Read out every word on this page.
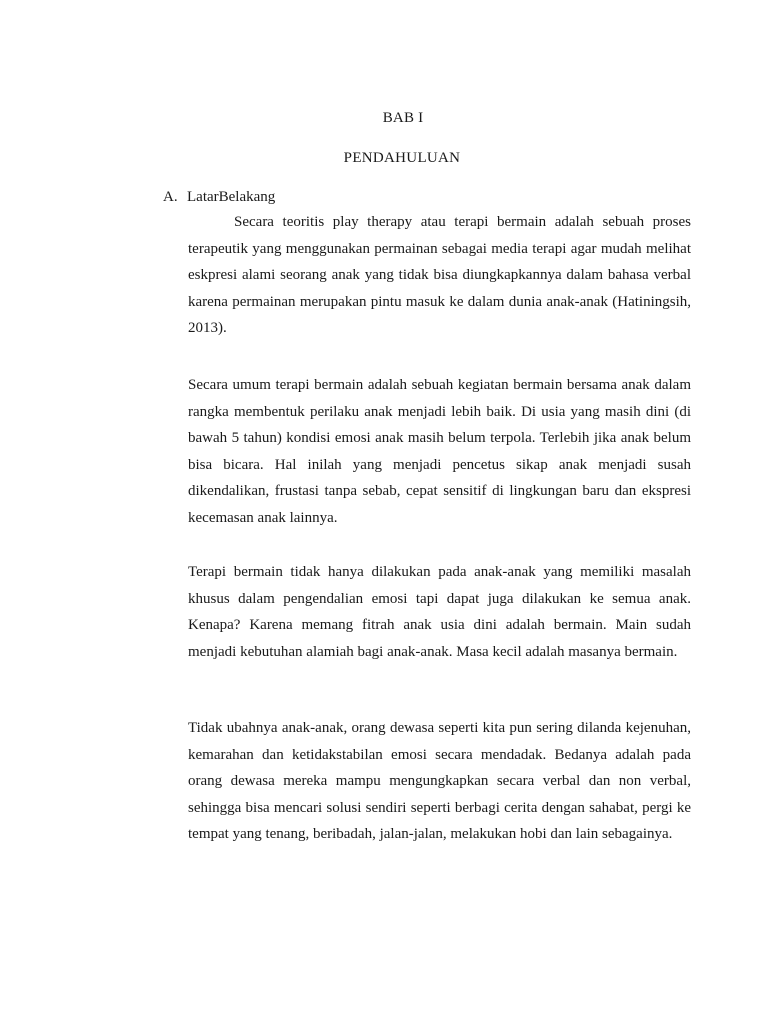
BAB I
PENDAHULUAN
A. LatarBelakang

Secara teoritis play therapy atau terapi bermain adalah sebuah proses terapeutik yang menggunakan permainan sebagai media terapi agar mudah melihat eskpresi alami seorang anak yang tidak bisa diungkapkannya dalam bahasa verbal karena permainan merupakan pintu masuk ke dalam dunia anak-anak (Hatiningsih, 2013).

Secara umum terapi bermain adalah sebuah kegiatan bermain bersama anak dalam rangka membentuk perilaku anak menjadi lebih baik. Di usia yang masih dini (di bawah 5 tahun) kondisi emosi anak masih belum terpola. Terlebih jika anak belum bisa bicara. Hal inilah yang menjadi pencetus sikap anak menjadi susah dikendalikan, frustasi tanpa sebab, cepat sensitif di lingkungan baru dan ekspresi kecemasan anak lainnya.

Terapi bermain tidak hanya dilakukan pada anak-anak yang memiliki masalah khusus dalam pengendalian emosi tapi dapat juga dilakukan ke semua anak. Kenapa? Karena memang fitrah anak usia dini adalah bermain. Main sudah menjadi kebutuhan alamiah bagi anak-anak. Masa kecil adalah masanya bermain.

Tidak ubahnya anak-anak, orang dewasa seperti kita pun sering dilanda kejenuhan, kemarahan dan ketidakstabilan emosi secara mendadak. Bedanya adalah pada orang dewasa mereka mampu mengungkapkan secara verbal dan non verbal, sehingga bisa mencari solusi sendiri seperti berbagi cerita dengan sahabat, pergi ke tempat yang tenang, beribadah, jalan-jalan, melakukan hobi dan lain sebagainya.
